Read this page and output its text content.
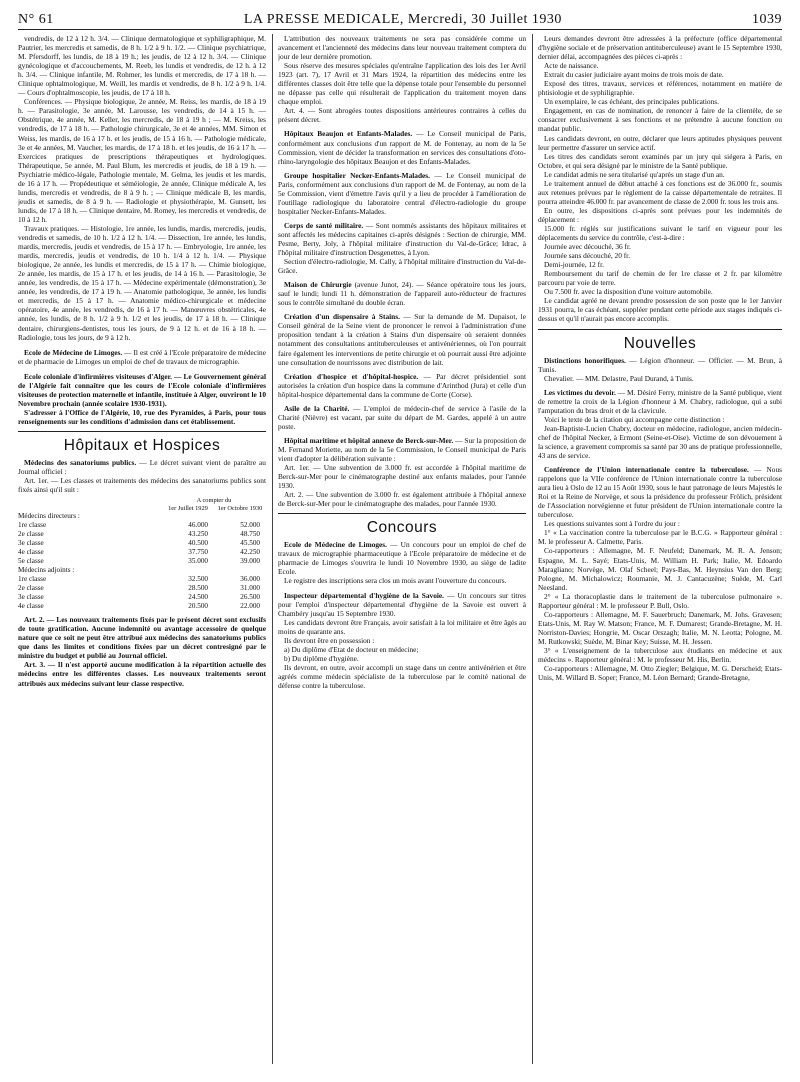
N° 61	LA PRESSE MEDICALE, Mercredi, 30 Juillet 1930	1039

vendredis, de 12 à 12 h. 3/4. — Clinique dermatologique et syphiligraphique, M. Pautrier, les mercredis et samedis, de 8 h. 1/2 à 9 h. 1/2. — Clinique psychiatrique, M. Pfersdorff, les lundis, de 18 à 19 h.; les jeudis, de 12 à 12 h. 3/4. — Clinique gynécologique et d'accouchements, M. Reeb, les lundis et vendredis, de 12 h. à 12 h. 3/4. — Clinique infantile, M. Rohmer, les lundis et mercredis, de 17 à 18 h. — Clinique ophtalmologique, M. Weill, les mardis et vendredis, de 8 h. 1/2 à 9 h. 1/4. — Cours d'ophtalmoscopie, les jeudis, de 17 à 18 h.

Conférences. — Physique biologique, 2e année, M. Reiss, les mardis, de 18 à 19 h. — Parasitologie, 3e année, M. Larousse, les vendredis, de 14 à 15 h. — Obstétrique, 4e année, M. Keller, les mercredis, de 18 à 19 h ; — M. Kreiss, les vendredis, de 17 à 18 h. — Pathologie chirurgicale, 3e et 4e années, MM. Simon et Weiss, les mardis, de 16 à 17 h. et les jeudis, de 15 à 16 h. — Pathologie médicale, 3e et 4e années, M. Vaucher, les mardis, de 17 à 18 h. et les jeudis, de 16 à 17 h. — Exercices pratiques de prescriptions thérapeutiques et hydrologiques. Thérapeutique, 5e année, M. Paul Blum, les mercredis et jeudis, de 18 à 19 h. — Psychiatrie médico-légale, Pathologie mentale, M. Gelma, les jeudis et les mardis, de 16 à 17 h. — Propédeutique et séméiologie, 2e année, Clinique médicale A, les lundis, mercredis et vendredis, de 8 à 9 h. ; — Clinique médicale B, les mardis, jeudis et samedis, de 8 à 9 h. — Radiologie et physiothérapie, M. Gunsett, les lundis, de 17 à 18 h. — Clinique dentaire, M. Romey, les mercredis et vendredis, de 10 à 12 h.

Travaux pratiques. — Histologie, 1re année, les lundis, mardis, mercredis, jeudis, vendredis et samedis, de 10 h. 1/2 à 12 h. 1/4. — Dissection, 1re année, les lundis, mardis, mercredis, jeudis et vendredis, de 15 à 17 h. — Embryologie, 1re année, les mardis, mercredis, jeudis et vendredis, de 10 h. 1/4 à 12 h. 1/4. — Physique biologique, 2e année, les lundis et mercredis, de 15 à 17 h. — Chimie biologique, 2e année, les mardis, de 15 à 17 h. et les jeudis, de 14 à 16 h. — Parasitologie, 3e année, les vendredis, de 15 à 17 h. — Médecine expérimentale (démonstration), 3e année, les vendredis, de 17 à 19 h. — Anatomie pathologique, 3e année, les lundis et mercredis, de 15 à 17 h. — Anatomie médico-chirurgicale et médecine opératoire, 4e année, les vendredis, de 16 à 17 h. — Manœuvres obstétricales, 4e année, les lundis, de 8 h. 1/2 à 9 h. 1/2 et les jeudis, de 17 à 18 h. — Clinique dentaire, chirurgiens-dentistes, tous les jours, de 9 à 12 h. et de 16 à 18 h. — Radiologie, tous les jours, de 9 à 12 h.

Ecole de Médecine de Limoges. — Il est créé à l'Ecole préparatoire de médecine et de pharmacie de Limoges un emploi de chef de travaux de micrographie.

Ecole coloniale d'infirmières visiteuses d'Alger. — Le Gouvernement général de l'Algérie fait connaître que les cours de l'Ecole coloniale d'infirmières visiteuses de protection maternelle et infantile, instituée à Alger, ouvriront le 10 Novembre prochain (année scolaire 1930-1931).

S'adresser à l'Office de l'Algérie, 10, rue des Pyramides, à Paris, pour tous renseignements sur les conditions d'admission dans cet établissement.

Hôpitaux et Hospices

Médecins des sanatoriums publics. — Le décret suivant vient de paraître au Journal officiel :

Art. 1er. — Les classes et traitements des médecins des sanatoriums publics sont fixés ainsi qu'il suit :

	A compter du	
	1er Juillet 1929	1er Octobre 1930
Médecins directeurs :		
1re classe	46.000	52.000
2e classe	43.250	48.750
3e classe	40.500	45.500
4e classe	37.750	42.250
5e classe	35.000	39.000
Médecins adjoints :		
1re classe	32.500	36.000
2e classe	28.500	31.000
3e classe	24.500	26.500
4e classe	20.500	22.000

Art. 2. — Les nouveaux traitements fixés par le présent décret sont exclusifs de toute gratification. Aucune indemnité ou avantage accessoire de quelque nature que ce soit ne peut être attribué aux médecins des sanatoriums publics que dans les limites et conditions fixées par un décret contresigné par le ministre du budget et publié au Journal officiel.

Art. 3. — Il n'est apporté aucune modification à la répartition actuelle des médecins entre les différentes classes. Les nouveaux traitements seront attribués aux médecins suivant leur classe respective.

L'attribution des nouveaux traitements ne sera pas considérée comme un avancement et l'ancienneté des médecins dans leur nouveau traitement comptera du jour de leur dernière promotion.

Sous réserve des mesures spéciales qu'entraîne l'application des lois des 1er Avril 1923 (art. 7), 17 Avril et 31 Mars 1924, la répartition des médecins entre les différentes classes doit être telle que la dépense totale pour l'ensemble du personnel ne dépasse pas celle qui résulterait de l'application du traitement moyen dans chaque emploi.

Art. 4. — Sont abrogées toutes dispositions antérieures contraires à celles du présent décret.

Hôpitaux Beaujon et Enfants-Malades. — Le Conseil municipal de Paris, conformément aux conclusions d'un rapport de M. de Fontenay, au nom de la 5e Commission, vient de décider la transformation en services des consultations d'oto-rhino-laryngologie des hôpitaux Beaujon et des Enfants-Malades.

Groupe hospitalier Necker-Enfants-Malades. — Le Conseil municipal de Paris, conformément aux conclusions d'un rapport de M. de Fontenay, au nom de la 5e Commission, vient d'émettre l'avis qu'il y a lieu de procéder à l'amélioration de l'outillage radiologique du laboratoire central d'électro-radiologie du groupe hospitalier Necker-Enfants-Malades.

Corps de santé militaire. — Sont nommés assistants des hôpitaux militaires et sont affectés les médecins capitaines ci-après désignés : Section de chirurgie, MM. Pesme, Berty, Joly, à l'hôpital militaire d'instruction du Val-de-Grâce; Idrac, à l'hôpital militaire d'instruction Desgenettes, à Lyon.

Section d'électro-radiologie, M. Cally, à l'hôpital militaire d'instruction du Val-de-Grâce.

Maison de Chirurgie (avenue Junot, 24). — Séance opératoire tous les jours, sauf le lundi; lundi 11 h. démonstration de l'appareil auto-réducteur de fractures sous le contrôle simultané du double écran.

Création d'un dispensaire à Stains. — Sur la demande de M. Dupaisot, le Conseil général de la Seine vient de prononcer le renvoi à l'administration d'une proposition tendant à la création à Stains d'un dispensaire où seraient données notamment des consultations antituberculeuses et antivénériennes, où l'on pourrait faire également les interventions de petite chirurgie et où pourrait aussi être adjointe une consultation de nourrissons avec distribution de lait.

Création d'hospice et d'hôpital-hospice. — Par décret présidentiel sont autorisées la création d'un hospice dans la commune d'Arinthod (Jura) et celle d'un hôpital-hospice départemental dans la commune de Corte (Corse).

Asile de la Charité. — L'emploi de médecin-chef de service à l'asile de la Charité (Nièvre) est vacant, par suite du départ de M. Gardes, appelé à un autre poste.

Hôpital maritime et hôpital annexe de Berck-sur-Mer. — Sur la proposition de M. Fernand Moriette, au nom de la 5e Commission, le Conseil municipal de Paris vient d'adopter la délibération suivante :

Art. 1er. — Une subvention de 3.000 fr. est accordée à l'hôpital maritime de Berck-sur-Mer pour le cinématographe destiné aux enfants malades, pour l'année 1930.

Art. 2. — Une subvention de 3.000 fr. est également attribuée à l'hôpital annexe de Berck-sur-Mer pour le cinématographe des malades, pour l'année 1930.

Concours

Ecole de Médecine de Limoges. — Un concours pour un emploi de chef de travaux de micrographie pharmaceutique à l'Ecole préparatoire de médecine et de pharmacie de Limoges s'ouvrira le lundi 10 Novembre 1930, au siège de ladite Ecole.

Le registre des inscriptions sera clos un mois avant l'ouverture du concours.

Inspecteur départemental d'hygiène de la Savoie. — Un concours sur titres pour l'emploi d'inspecteur départemental d'hygiène de la Savoie est ouvert à Chambéry jusqu'au 15 Septembre 1930.

Les candidats devront être Français, avoir satisfait à la loi militaire et être âgés au moins de quarante ans.

Ils devront être en possession :

a) Du diplôme d'Etat de docteur en médecine;

b) Du diplôme d'hygiène.

Ils devront, en outre, avoir accompli un stage dans un centre antivénérien et être agréés comme médecin spécialiste de la tuberculose par le comité national de défense contre la tuberculose.

Leurs demandes devront être adressées à la préfecture (office départemental d'hygiène sociale et de préservation antituberculeuse) avant le 15 Septembre 1930, dernier délai, accompagnées des pièces ci-après :

Acte de naissance.

Extrait du casier judiciaire ayant moins de trois mois de date.

Exposé des titres, travaux, services et références, notamment en matière de phtisiologie et de syphiligraphie.

Un exemplaire, le cas échéant, des principales publications.

Engagement, en cas de nomination, de renoncer à faire de la clientèle, de se consacrer exclusivement à ses fonctions et ne prétendre à aucune fonction ou mandat public.

Les candidats devront, en outre, déclarer que leurs aptitudes physiques peuvent leur permettre d'assurer un service actif.

Les titres des candidats seront examinés par un jury qui siégera à Paris, en Octobre, et qui sera désigné par le ministre de la Santé publique.

Le candidat admis ne sera titularisé qu'après un stage d'un an.

Le traitement annuel de début attaché à ces fonctions est de 36.000 fr., soumis aux retenues prévues par le règlement de la caisse départementale de retraites. Il pourra atteindre 46.000 fr. par avancement de classe de 2.000 fr. tous les trois ans.

En outre, les dispositions ci-après sont prévues pour les indemnités de déplacement :

15.000 fr. réglés sur justifications suivant le tarif en vigueur pour les déplacements du service du contrôle, c'est-à-dire :

Journée avec découché, 36 fr.

Journée sans découché, 20 fr.

Demi-journée, 12 fr.

Remboursement du tarif de chemin de fer 1re classe et 2 fr. par kilomètre parcouru par voie de terre.

Ou 7.500 fr. avec la disposition d'une voiture automobile.

Le candidat agréé ne devant prendre possession de son poste que le 1er Janvier 1931 pourra, le cas échéant, suppléer pendant cette période aux stages indiqués ci-dessus et qu'il n'aurait pas encore accomplis.

Nouvelles

Distinctions honorifiques. — Légion d'honneur. — Officier. — M. Brun, à Tunis.

Chevalier. — MM. Delastre, Paul Durand, à Tunis.

Les victimes du devoir. — M. Désiré Ferry, ministre de la Santé publique, vient de remettre la croix de la Légion d'honneur à M. Chabry, radiologue, qui a subi l'amputation du bras droit et de la clavicule.

Voici le texte de la citation qui accompagne cette distinction :

Jean-Baptiste-Lucien Chabry, docteur en médecine, radiologue, ancien médecin-chef de l'hôpital Necker, à Ermont (Seine-et-Oise). Victime de son dévouement à la science, a gravement compromis sa santé par 30 ans de pratique professionnelle, 43 ans de service.

Conférence de l'Union internationale contre la tuberculose. — Nous rappelons que la VIIe conférence de l'Union internationale contre la tuberculose aura lieu à Oslo de 12 au 15 Août 1930, sous le haut patronage de leurs Majestés le Roi et la Reine de Norvège, et sous la présidence du professeur Frölich, président de l'Association norvégienne et futur président de l'Union internationale contre la tuberculose.

Les questions suivantes sont à l'ordre du jour :

1° « La vaccination contre la tuberculose par le B.C.G. » Rapporteur général : M. le professeur A. Calmette, Paris.

Co-rapporteurs : Allemagne, M. F. Neufeld; Danemark, M. R. A. Jenson; Espagne, M. L. Sayé; Etats-Unis, M. William H. Park; Italie, M. Edoardo Maragliano; Norvège, M. Olaf Scheel; Pays-Bas, M. Heynsius Van den Berg; Pologne, M. Michalowicz; Roumanie, M. J. Cantacuzène; Suède, M. Carl Neesland.

2° « La thoracoplastie dans le traitement de la tuberculose pulmonaire ». Rapporteur général : M. le professeur P. Bull, Oslo.

Co-rapporteurs : Allemagne, M. F. Sauerbruch; Danemark, M. Johs. Gravesen; Etats-Unis, M. Ray W. Matson; France, M. F. Dumarest; Grande-Bretagne, M. H. Norriston-Davies; Hongrie, M. Oscar Orszagh; Italie, M. N. Leotta; Pologne, M. M. Rutkowski; Suède, M. Binar Key; Suisse, M. H. Jessen.

3° « L'enseignement de la tuberculose aux étudiants en médecine et aux médecins ». Rapporteur général : M. le professeur M. His, Berlin.

Co-rapporteurs : Allemagne, M. Otto Ziegler; Belgique, M. G. Derscheid; Etats-Unis, M. Willard B. Soper; France, M. Léon Bernard; Grande-Bretagne,
